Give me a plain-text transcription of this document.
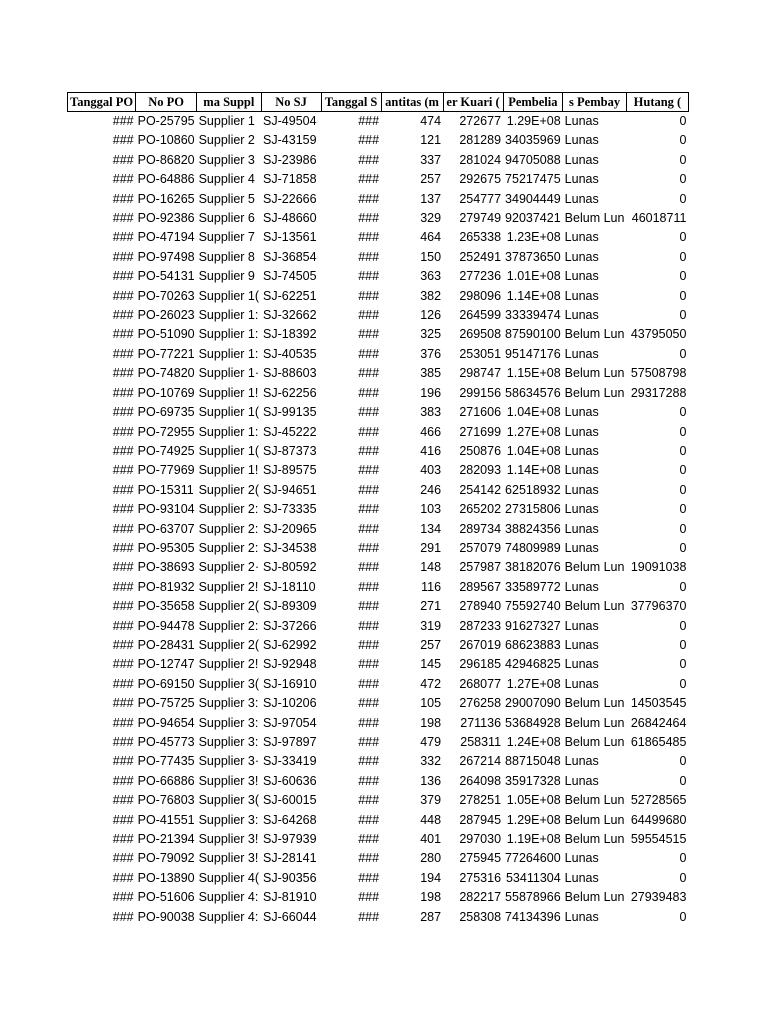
Tanggal PO	No PO	ma Suppl	No SJ	Tanggal S	antitas (m	er Kuari (	Pembelia	s Pembay	Hutang (
###	PO-25795	Supplier 1	SJ-49504	###	474	272677	1.29E+08	Lunas	0
###	PO-10860	Supplier 2	SJ-43159	###	121	281289	34035969	Lunas	0
###	PO-86820	Supplier 3	SJ-23986	###	337	281024	94705088	Lunas	0
###	PO-64886	Supplier 4	SJ-71858	###	257	292675	75217475	Lunas	0
###	PO-16265	Supplier 5	SJ-22666	###	137	254777	34904449	Lunas	0
###	PO-92386	Supplier 6	SJ-48660	###	329	279749	92037421	Belum Lun	46018711
###	PO-47194	Supplier 7	SJ-13561	###	464	265338	1.23E+08	Lunas	0
###	PO-97498	Supplier 8	SJ-36854	###	150	252491	37873650	Lunas	0
###	PO-54131	Supplier 9	SJ-74505	###	363	277236	1.01E+08	Lunas	0
###	PO-70263	Supplier 1(	SJ-62251	###	382	298096	1.14E+08	Lunas	0
###	PO-26023	Supplier 1:	SJ-32662	###	126	264599	33339474	Lunas	0
###	PO-51090	Supplier 1:	SJ-18392	###	325	269508	87590100	Belum Lun	43795050
###	PO-77221	Supplier 1:	SJ-40535	###	376	253051	95147176	Lunas	0
###	PO-74820	Supplier 1·	SJ-88603	###	385	298747	1.15E+08	Belum Lun	57508798
###	PO-10769	Supplier 1!	SJ-62256	###	196	299156	58634576	Belum Lun	29317288
###	PO-69735	Supplier 1(	SJ-99135	###	383	271606	1.04E+08	Lunas	0
###	PO-72955	Supplier 1:	SJ-45222	###	466	271699	1.27E+08	Lunas	0
###	PO-74925	Supplier 1(	SJ-87373	###	416	250876	1.04E+08	Lunas	0
###	PO-77969	Supplier 1!	SJ-89575	###	403	282093	1.14E+08	Lunas	0
###	PO-15311	Supplier 2(	SJ-94651	###	246	254142	62518932	Lunas	0
###	PO-93104	Supplier 2:	SJ-73335	###	103	265202	27315806	Lunas	0
###	PO-63707	Supplier 2:	SJ-20965	###	134	289734	38824356	Lunas	0
###	PO-95305	Supplier 2:	SJ-34538	###	291	257079	74809989	Lunas	0
###	PO-38693	Supplier 2·	SJ-80592	###	148	257987	38182076	Belum Lun	19091038
###	PO-81932	Supplier 2!	SJ-18110	###	116	289567	33589772	Lunas	0
###	PO-35658	Supplier 2(	SJ-89309	###	271	278940	75592740	Belum Lun	37796370
###	PO-94478	Supplier 2:	SJ-37266	###	319	287233	91627327	Lunas	0
###	PO-28431	Supplier 2(	SJ-62992	###	257	267019	68623883	Lunas	0
###	PO-12747	Supplier 2!	SJ-92948	###	145	296185	42946825	Lunas	0
###	PO-69150	Supplier 3(	SJ-16910	###	472	268077	1.27E+08	Lunas	0
###	PO-75725	Supplier 3:	SJ-10206	###	105	276258	29007090	Belum Lun	14503545
###	PO-94654	Supplier 3:	SJ-97054	###	198	271136	53684928	Belum Lun	26842464
###	PO-45773	Supplier 3:	SJ-97897	###	479	258311	1.24E+08	Belum Lun	61865485
###	PO-77435	Supplier 3·	SJ-33419	###	332	267214	88715048	Lunas	0
###	PO-66886	Supplier 3!	SJ-60636	###	136	264098	35917328	Lunas	0
###	PO-76803	Supplier 3(	SJ-60015	###	379	278251	1.05E+08	Belum Lun	52728565
###	PO-41551	Supplier 3:	SJ-64268	###	448	287945	1.29E+08	Belum Lun	64499680
###	PO-21394	Supplier 3!	SJ-97939	###	401	297030	1.19E+08	Belum Lun	59554515
###	PO-79092	Supplier 3!	SJ-28141	###	280	275945	77264600	Lunas	0
###	PO-13890	Supplier 4(	SJ-90356	###	194	275316	53411304	Lunas	0
###	PO-51606	Supplier 4:	SJ-81910	###	198	282217	55878966	Belum Lun	27939483
###	PO-90038	Supplier 4:	SJ-66044	###	287	258308	74134396	Lunas	0
